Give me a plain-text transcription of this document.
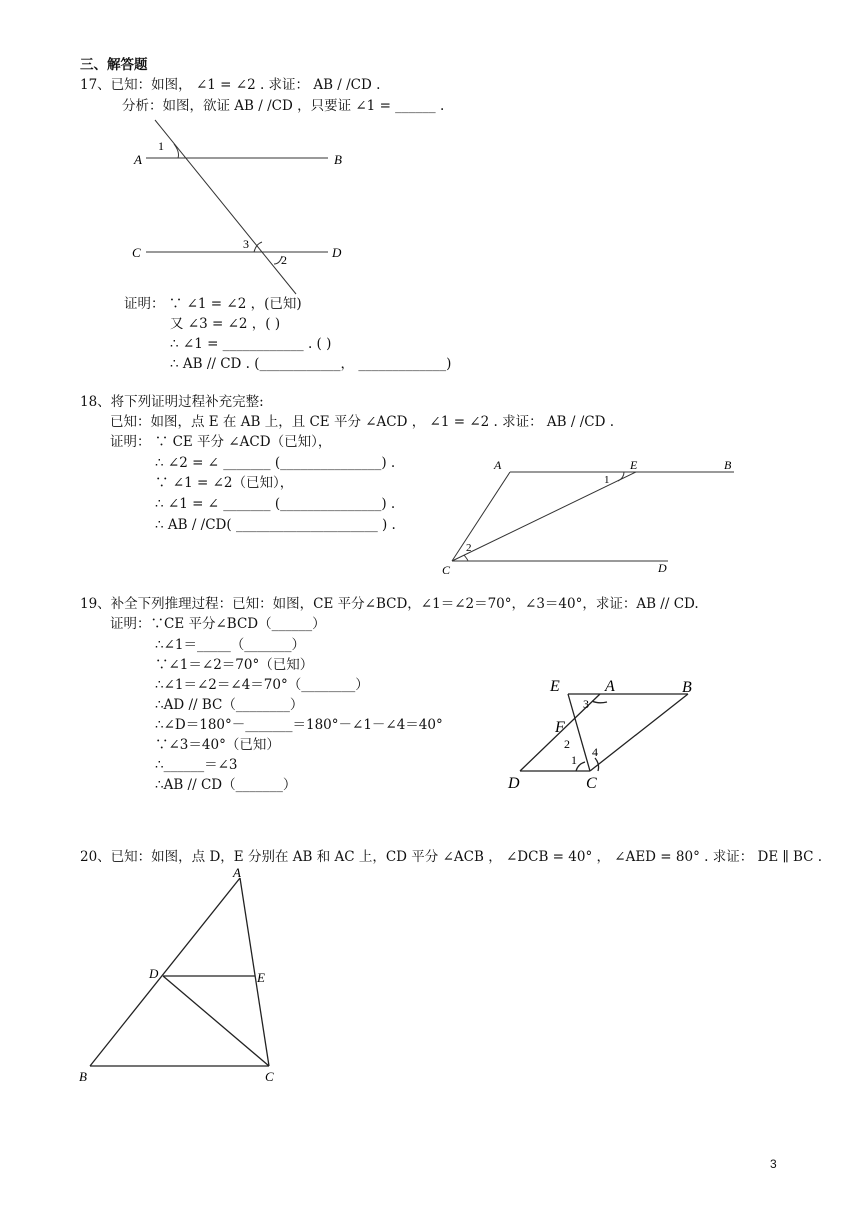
三、解答题
17、已知：如图， ∠1 = ∠2 . 求证： AB / /CD .
分析：如图，欲证 AB / /CD ，只要证 ∠1 = ______ .
A	B
C	D
1
3
2
证明： ∵ ∠1 = ∠2 ，(已知)
又 ∠3 = ∠2 ，( )
∴ ∠1 = ____________ . ( )
∴ AB // CD . (____________， _____________)
18、将下列证明过程补充完整:
已知：如图，点 E 在 AB 上，且 CE 平分 ∠ACD ， ∠1 = ∠2 . 求证： AB / /CD .
证明： ∵ CE 平分 ∠ACD（已知），
∴ ∠2 = ∠ _______ (_______________) .
∵ ∠1 = ∠2（已知），
∴ ∠1 = ∠ _______ (_______________) .
∴ AB / /CD( _____________________ ) .
A	E	B
C	D
1
2
19、补全下列推理过程：已知：如图，CE 平分∠BCD，∠1＝∠2＝70°，∠3＝40°，求证：AB // CD.
证明：∵CE 平分∠BCD（______）
∴∠1＝_____（_______）
∵∠1＝∠2＝70°（已知）
∴∠1＝∠2＝∠4＝70°（________）
∴AD // BC（________）
∴∠D＝180°－_______＝180°－∠1－∠4＝40°
∵∠3＝40°（已知）
∴______＝∠3
∴AB // CD（_______）
E	A	B
F
D	C
3
2
1
4
20、已知：如图，点 D，E 分别在 AB 和 AC 上，CD 平分 ∠ACB ， ∠DCB = 40° ， ∠AED = 80° . 求证： DE ∥ BC .
A
D	E
B	C
3
